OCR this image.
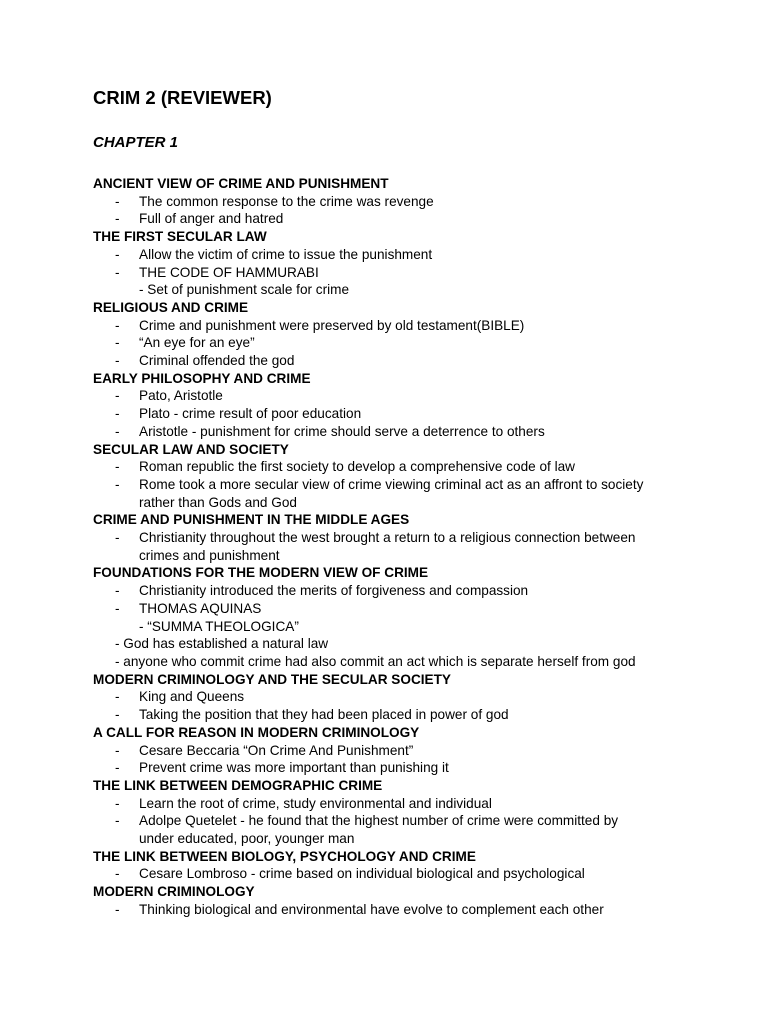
CRIM 2 (REVIEWER)
CHAPTER 1

ANCIENT VIEW OF CRIME AND PUNISHMENT

- The common response to the crime was revenge

- Full of anger and hatred

THE FIRST SECULAR LAW

- Allow the victim of crime to issue the punishment

- THE CODE OF HAMMURABI

- Set of punishment scale for crime

RELIGIOUS AND CRIME

- Crime and punishment were preserved by old testament(BIBLE)

- “An eye for an eye”

- Criminal offended the god

EARLY PHILOSOPHY AND CRIME

- Pato, Aristotle

- Plato - crime result of poor education

- Aristotle - punishment for crime should serve a deterrence to others

SECULAR LAW AND SOCIETY

- Roman republic the first society to develop a comprehensive code of law

- Rome took a more secular view of crime viewing criminal act as an affront to society

rather than Gods and God

CRIME AND PUNISHMENT IN THE MIDDLE AGES

- Christianity throughout the west brought a return to a religious connection between

crimes and punishment

FOUNDATIONS FOR THE MODERN VIEW OF CRIME

- Christianity introduced the merits of forgiveness and compassion

- THOMAS AQUINAS

- “SUMMA THEOLOGICA”

- God has established a natural law

- anyone who commit crime had also commit an act which is separate herself from god

MODERN CRIMINOLOGY AND THE SECULAR SOCIETY

- King and Queens

- Taking the position that they had been placed in power of god

A CALL FOR REASON IN MODERN CRIMINOLOGY

- Cesare Beccaria “On Crime And Punishment”

- Prevent crime was more important than punishing it

THE LINK BETWEEN DEMOGRAPHIC CRIME

- Learn the root of crime, study environmental and individual

- Adolpe Quetelet - he found that the highest number of crime were committed by

under educated, poor, younger man

THE LINK BETWEEN BIOLOGY, PSYCHOLOGY AND CRIME

- Cesare Lombroso - crime based on individual biological and psychological

MODERN CRIMINOLOGY

- Thinking biological and environmental have evolve to complement each other
